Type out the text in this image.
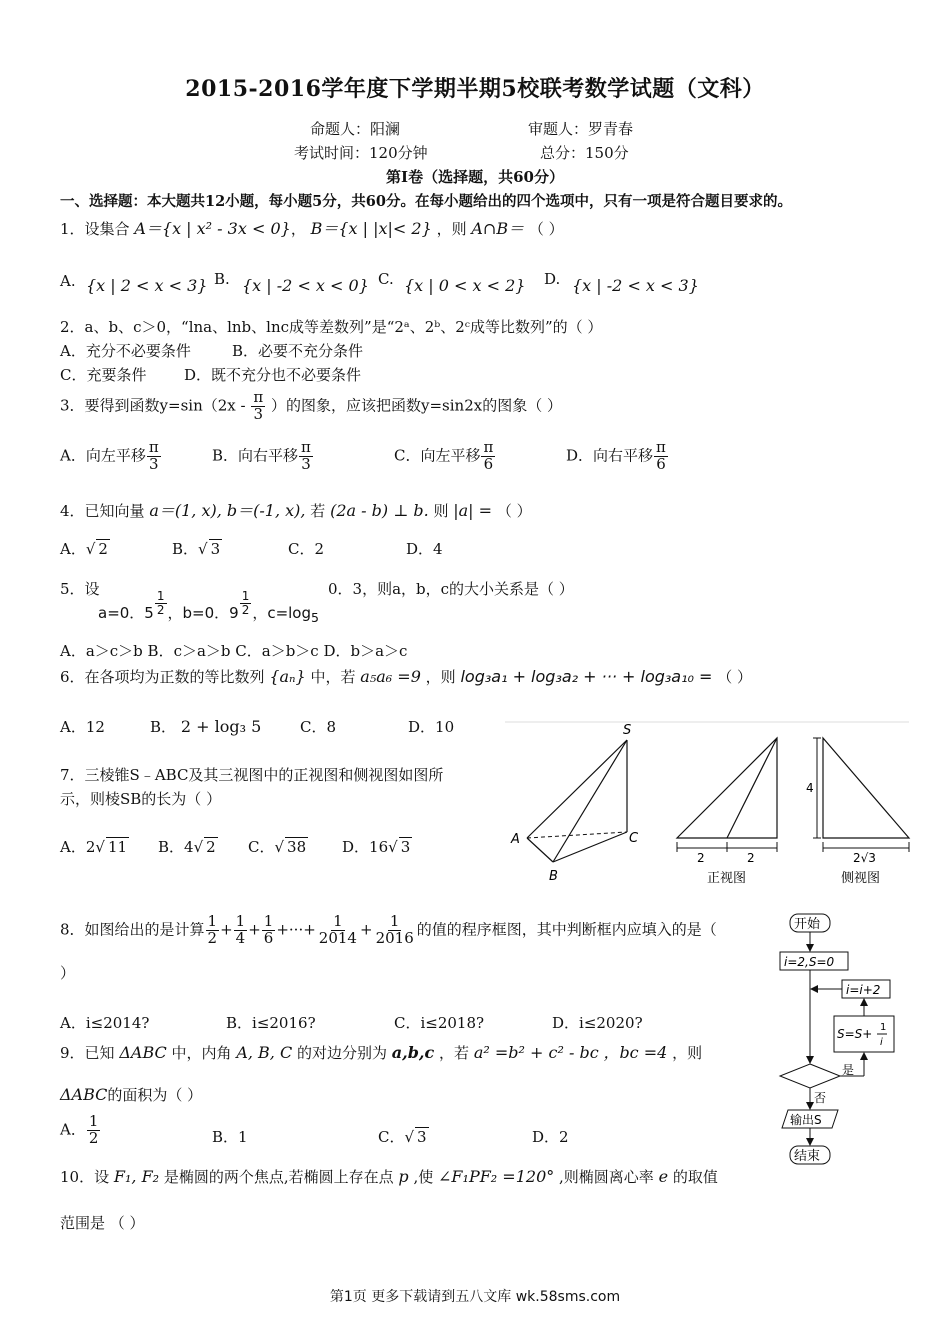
2015-2016学年度下学期半期5校联考数学试题（文科）
命题人：阳澜	审题人：罗青春
考试时间：120分钟	总分：150分
第Ⅰ卷（选择题，共60分）
一、选择题：本大题共12小题，每小题5分，共60分。在每小题给出的四个选项中，只有一项是符合题目要求的。
1．设集合 A＝{x | x² - 3x < 0}， B＝{x | |x|< 2} ，则 A∩B＝ （ ）
A. {x | 2 < x < 3} B. {x | -2 < x < 0} C. {x | 0 < x < 2} D. {x | -2 < x < 3}
2．a、b、c＞0，“lna、lnb、lnc成等差数列”是“2ᵃ、2ᵇ、2ᶜ成等比数列”的（ ）
A．充分不必要条件	B．必要不充分条件
C．充要条件	D．既不充分也不必要条件
3．要得到函数$y=\sin(2x - \frac{\pi}{3}$ ）的图象，应该把函数y=sin2x的图象（ ）
A．向左平移 $\frac{\pi}{3}$	B．向右平移 $\frac{\pi}{3}$	C．向左平移 $\frac{\pi}{6}$	D．向右平移 $\frac{\pi}{6}$
4．已知向量 a＝(1, x), b＝(-1, x), 若 (2a - b) ⊥ b. 则 |a| = （ ）
A．√ 2	B．√ 3	C．2	D．4
5．设
a=0．5 $^{\frac{1}{2}}$ ，b=0．9 $^{\frac{1}{2}}$ ，$c=\log_5$
0．3，则a，b，c的大小关系是（ ）
A．a＞c＞b B．c＞a＞b C．a＞b＞c D．b＞a＞c
6．在各项均为正数的等比数列 {aₙ} 中，若 a₅a₆ =9 ，则 log₃a₁ + log₃a₂ + ··· + log₃a₁₀ = （ ）
A．12	B． 2 + log₃ 5	C．8	D．10	S
A
B
C
2	2
正视图
4
2√3
侧视图
7．三棱锥S﹣ABC及其三视图中的正视图和侧视图如图所
示，则棱SB的长为（ ）
A．2√ 11 B．4√ 2 C．√ 38 D．16√ 3
8．如图给出的是计算 $\frac{1}{2} + \frac{1}{4} + \frac{1}{6}$ +···+ $\frac{1}{2014} + \frac{1}{2016}$ 的值的程序框图，其中判断框内应填入的是（
）
A．i≤2014?	B．i≤2016?	C．i≤2018?	D．i≤2020?
开始
i=2,S=0
i=i+2
S=S+ 1
i
是
否
输出S
结束
9．已知 ΔABC 中，内角 A, B, C 的对边分别为 a,b,c ，若 a² =b² + c² - bc ，bc =4 ，则
ΔABC的面积为（ ）
A． $\frac{1}{2}$	B．1	C．√ 3	D．2
10．设 F₁, F₂ 是椭圆的两个焦点,若椭圆上存在点 p ,使 ∠F₁PF₂ =120° ,则椭圆离心率 e 的取值
范围是 （ ）
第1页 更多下载请到五八文库 wk.58sms.com
